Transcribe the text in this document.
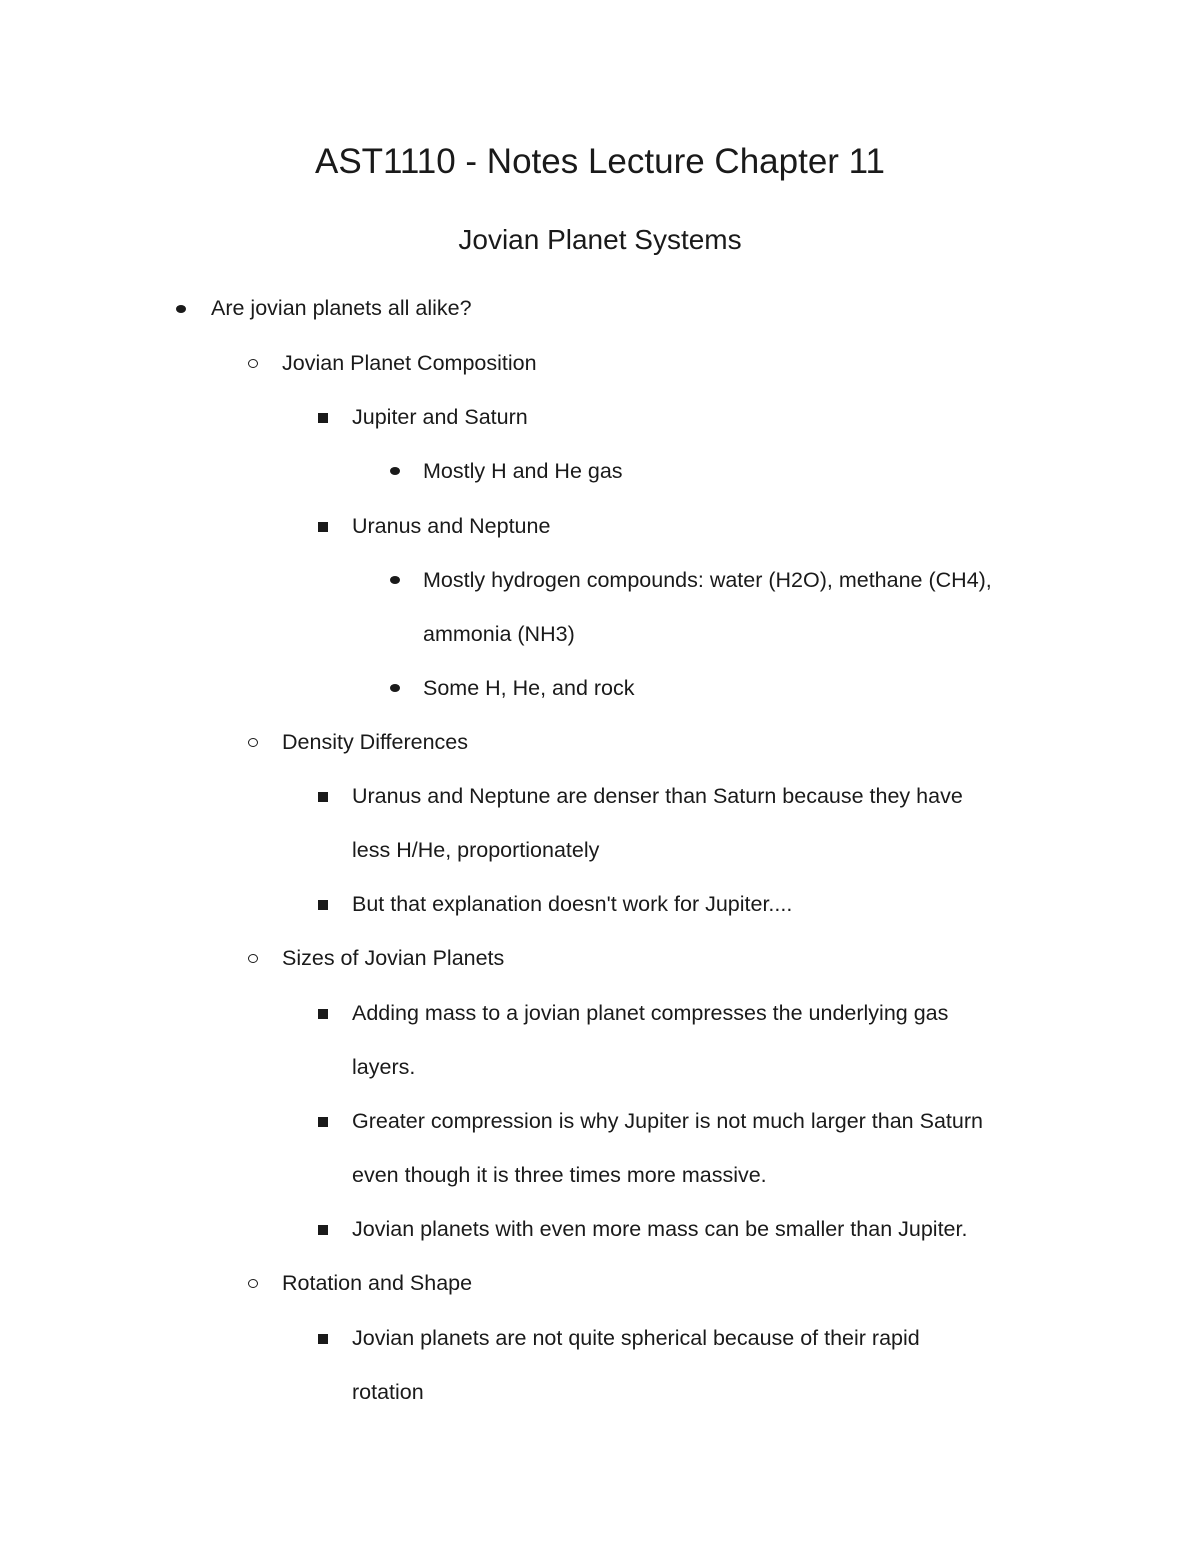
AST1110 - Notes Lecture Chapter 11
Jovian Planet Systems
Are jovian planets all alike?
Jovian Planet Composition
Jupiter and Saturn
Mostly H and He gas
Uranus and Neptune
Mostly hydrogen compounds: water (H2O), methane (CH4),
ammonia (NH3)
Some H, He, and rock
Density Differences
Uranus and Neptune are denser than Saturn because they have
less H/He, proportionately
But that explanation doesn't work for Jupiter....
Sizes of Jovian Planets
Adding mass to a jovian planet compresses the underlying gas
layers.
Greater compression is why Jupiter is not much larger than Saturn
even though it is three times more massive.
Jovian planets with even more mass can be smaller than Jupiter.
Rotation and Shape
Jovian planets are not quite spherical because of their rapid
rotation
